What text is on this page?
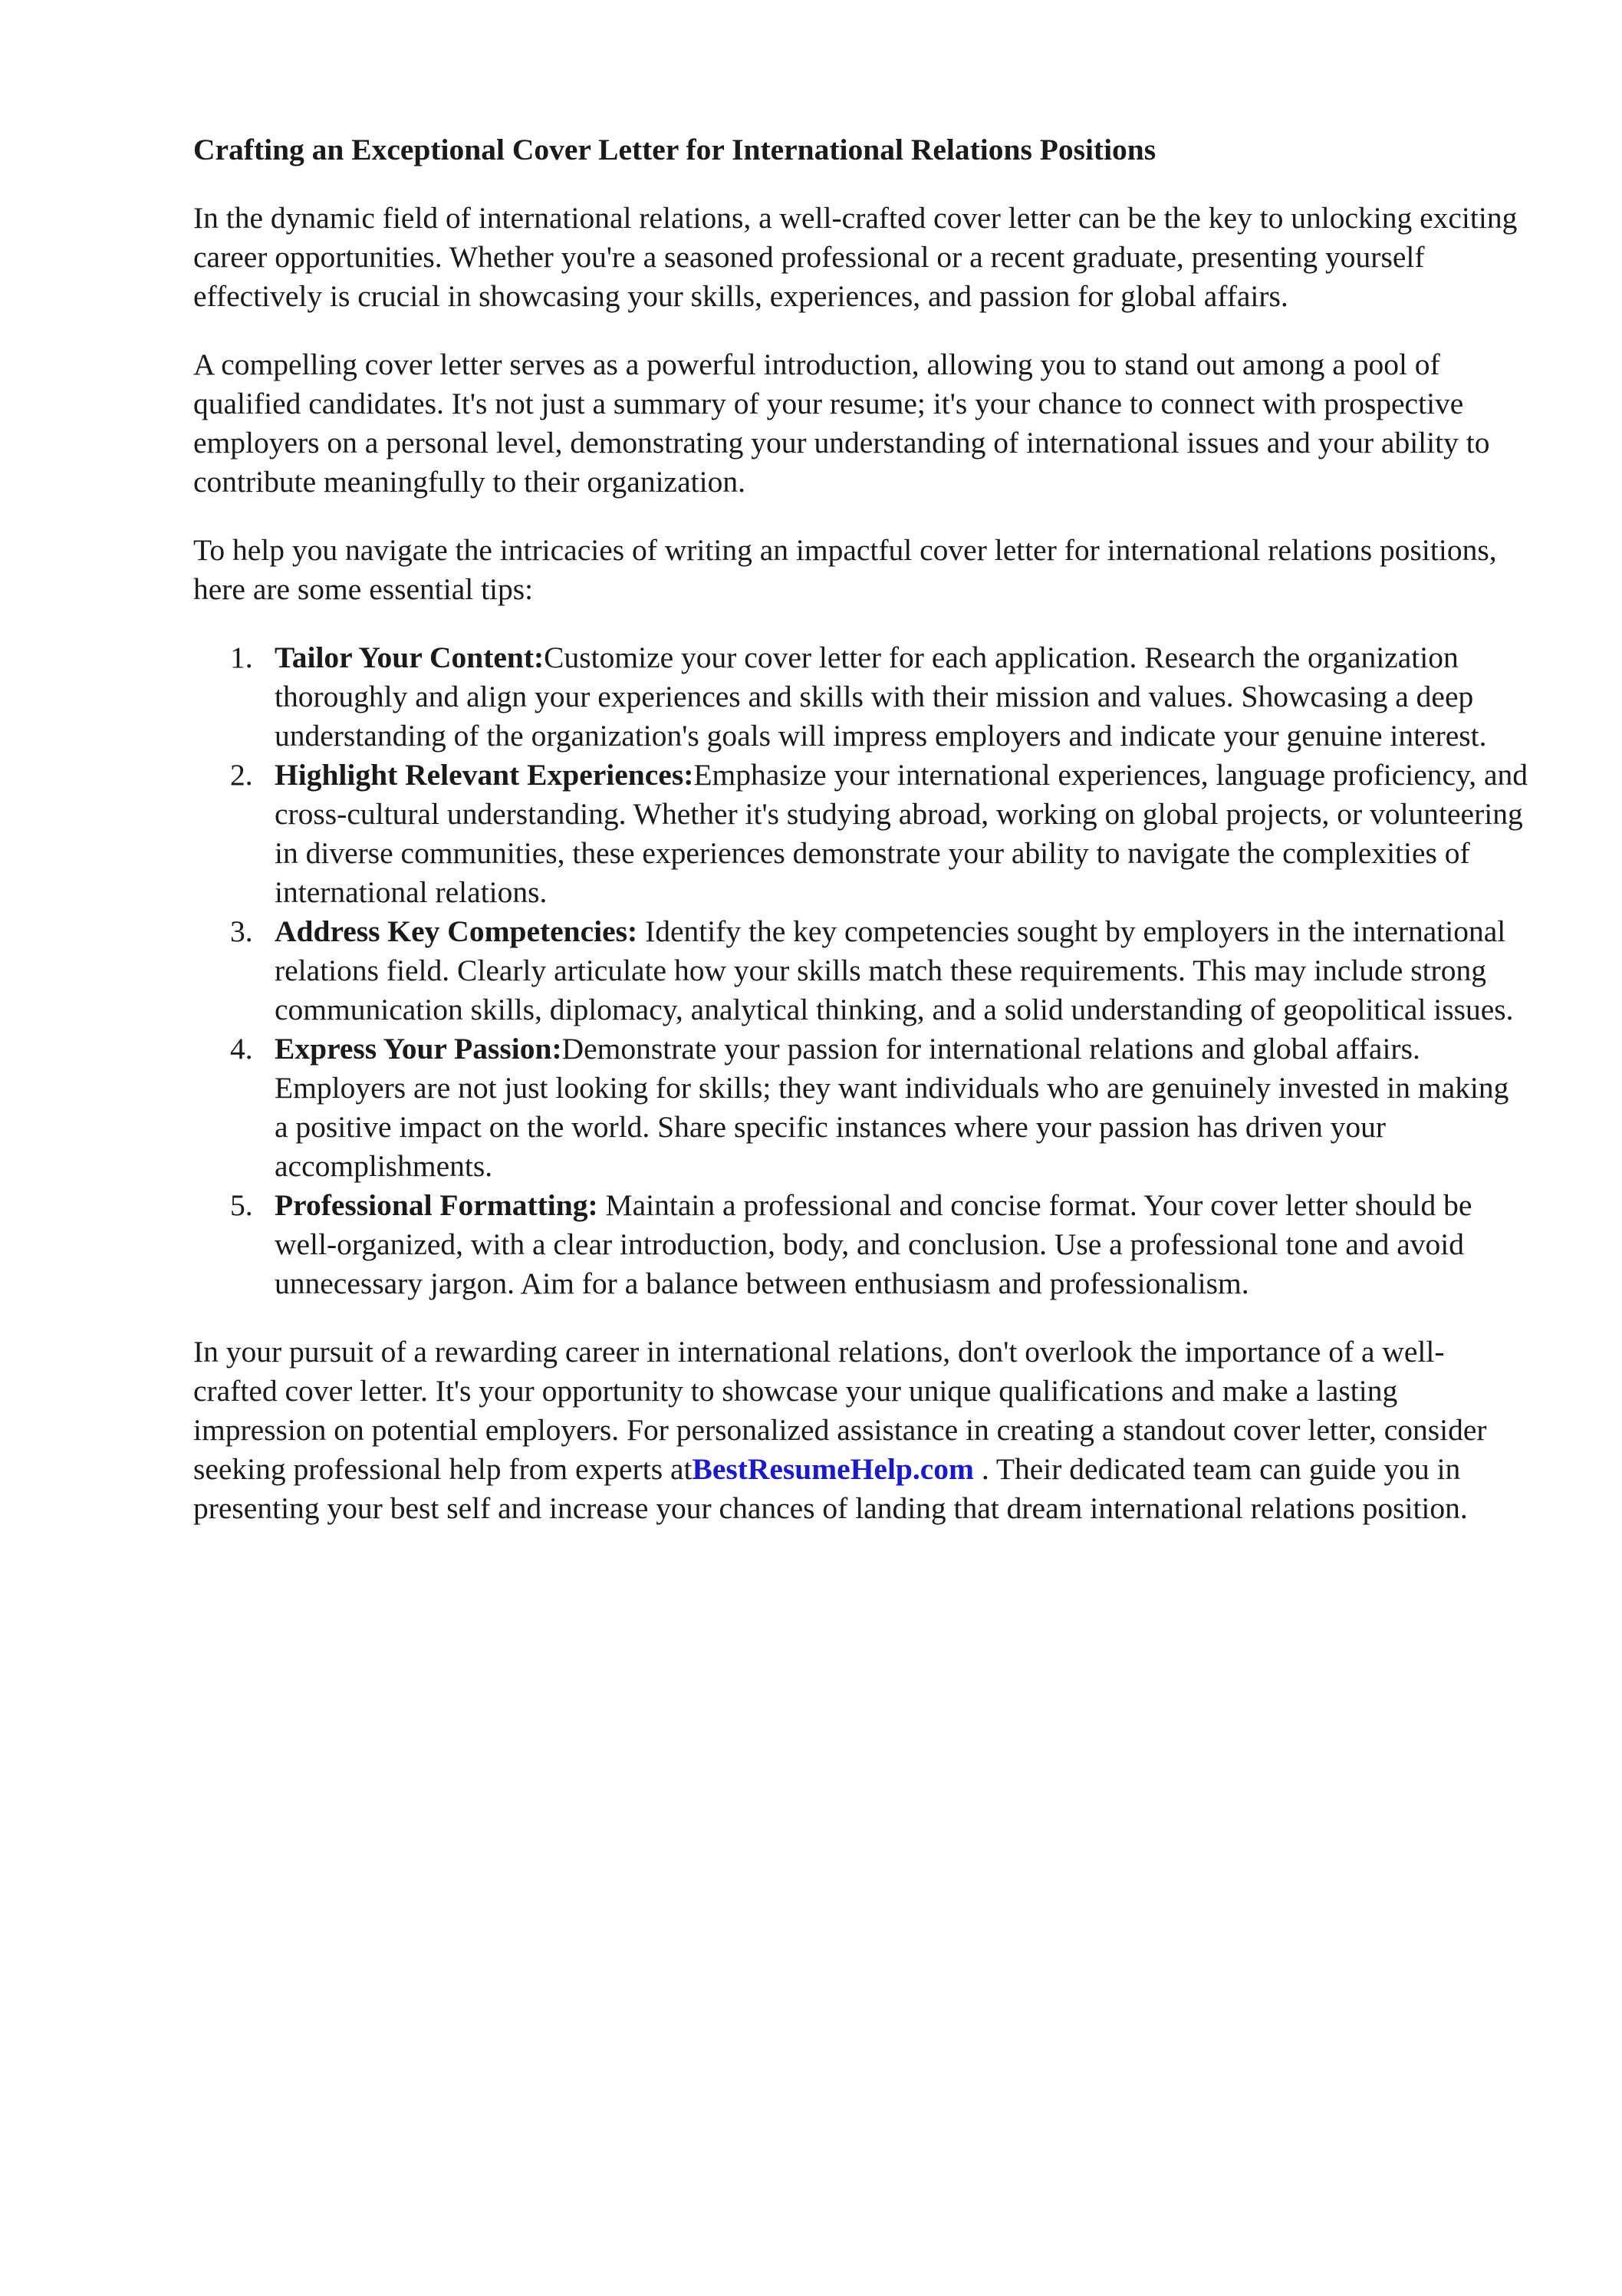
Crafting an Exceptional Cover Letter for International Relations Positions

In the dynamic field of international relations, a well-crafted cover letter can be the key to unlocking exciting career opportunities. Whether you're a seasoned professional or a recent graduate, presenting yourself effectively is crucial in showcasing your skills, experiences, and passion for global affairs.

A compelling cover letter serves as a powerful introduction, allowing you to stand out among a pool of qualified candidates. It's not just a summary of your resume; it's your chance to connect with prospective employers on a personal level, demonstrating your understanding of international issues and your ability to contribute meaningfully to their organization.

To help you navigate the intricacies of writing an impactful cover letter for international relations positions, here are some essential tips:

1. Tailor Your Content:Customize your cover letter for each application. Research the organization thoroughly and align your experiences and skills with their mission and values. Showcasing a deep understanding of the organization's goals will impress employers and indicate your genuine interest.
2. Highlight Relevant Experiences:Emphasize your international experiences, language proficiency, and cross-cultural understanding. Whether it's studying abroad, working on global projects, or volunteering in diverse communities, these experiences demonstrate your ability to navigate the complexities of international relations.
3. Address Key Competencies: Identify the key competencies sought by employers in the international relations field. Clearly articulate how your skills match these requirements. This may include strong communication skills, diplomacy, analytical thinking, and a solid understanding of geopolitical issues.
4. Express Your Passion:Demonstrate your passion for international relations and global affairs. Employers are not just looking for skills; they want individuals who are genuinely invested in making a positive impact on the world. Share specific instances where your passion has driven your accomplishments.
5. Professional Formatting: Maintain a professional and concise format. Your cover letter should be well-organized, with a clear introduction, body, and conclusion. Use a professional tone and avoid unnecessary jargon. Aim for a balance between enthusiasm and professionalism.

In your pursuit of a rewarding career in international relations, don't overlook the importance of a well-crafted cover letter. It's your opportunity to showcase your unique qualifications and make a lasting impression on potential employers. For personalized assistance in creating a standout cover letter, consider seeking professional help from experts atBestResumeHelp.com . Their dedicated team can guide you in presenting your best self and increase your chances of landing that dream international relations position.
